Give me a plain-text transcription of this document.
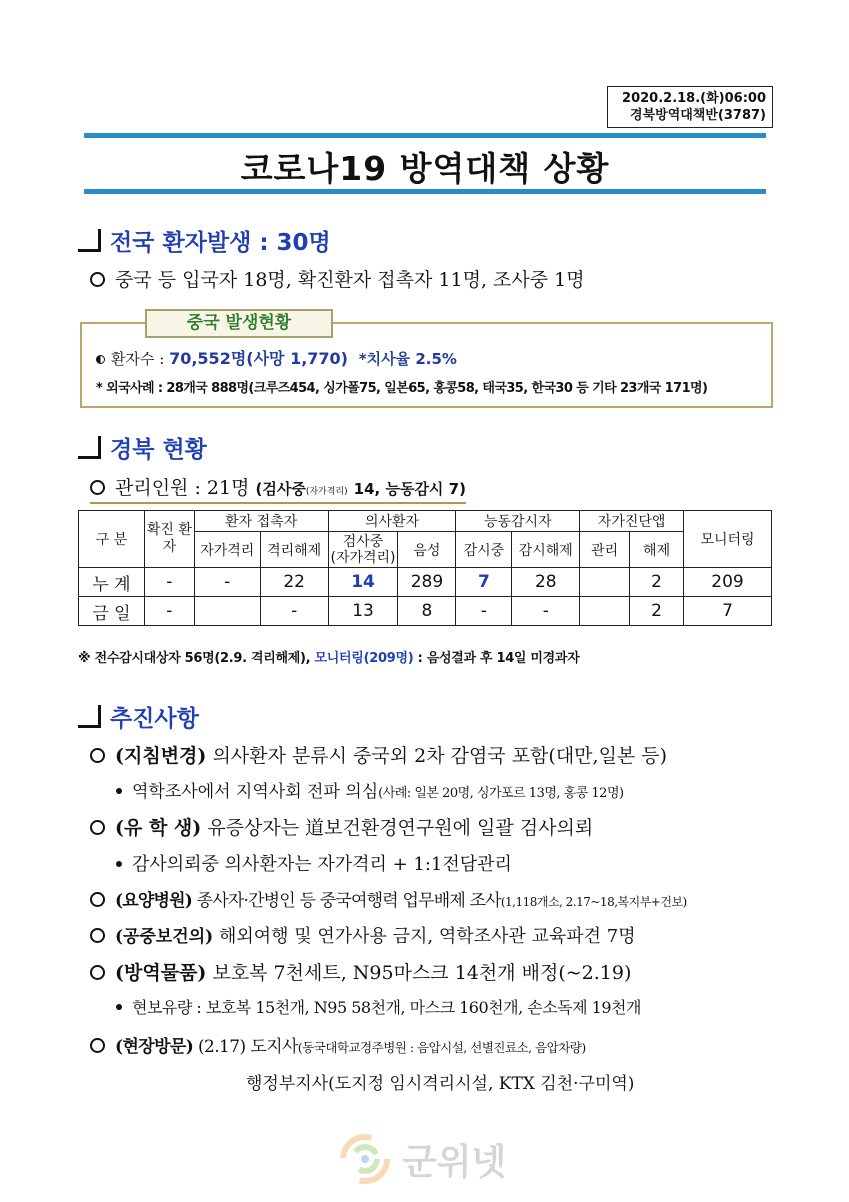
2020.2.18.(화)06:00
경북방역대책반(3787)
코로나19 방역대책 상황
전국 환자발생 : 30명
중국 등 입국자 18명, 확진환자 접촉자 11명, 조사중 1명
중국 발생현황
환자수 : 70,552명(사망 1,770) *치사율 2.5%
* 외국사례 : 28개국 888명(크루즈454, 싱가폴75, 일본65, 홍콩58, 태국35, 한국30 등 기타 23개국 171명)
경북 현황
관리인원 : 21명 (검사중(자가격리) 14, 능동감시 7)
구 분	확진 환자	환자 접촉자		의사환자		능동감시자		자가진단앱		모니터링
		자가격리	격리해제	검사중
(자가격리)	음성	감시중	감시해제	관리	해제	
누 계	-	-	22	14	289	7	28		2	209
금 일	-		-	13	8	-	-		2	7
※ 전수감시대상자 56명(2.9. 격리해제), 모니터링(209명) : 음성결과 후 14일 미경과자
추진사항
(지침변경) 의사환자 분류시 중국외 2차 감염국 포함(대만,일본 등)
역학조사에서 지역사회 전파 의심(사례: 일본 20명, 싱가포르 13명, 홍콩 12명)
(유 학 생) 유증상자는 道보건환경연구원에 일괄 검사의뢰
감사의뢰중 의사환자는 자가격리 + 1:1전담관리
(요양병원) 종사자·간병인 등 중국여행력 업무배제 조사(1,118개소, 2.17~18,복지부+건보)
(공중보건의) 해외여행 및 연가사용 금지, 역학조사관 교육파견 7명
(방역물품) 보호복 7천세트, N95마스크 14천개 배정(~2.19)
현보유량 : 보호복 15천개, N95 58천개, 마스크 160천개, 손소독제 19천개
(현장방문) (2.17) 도지사(동국대학교경주병원 : 음압시설, 선별진료소, 음압차량)
행정부지사(도지정 임시격리시설, KTX 김천·구미역)
군위넷
